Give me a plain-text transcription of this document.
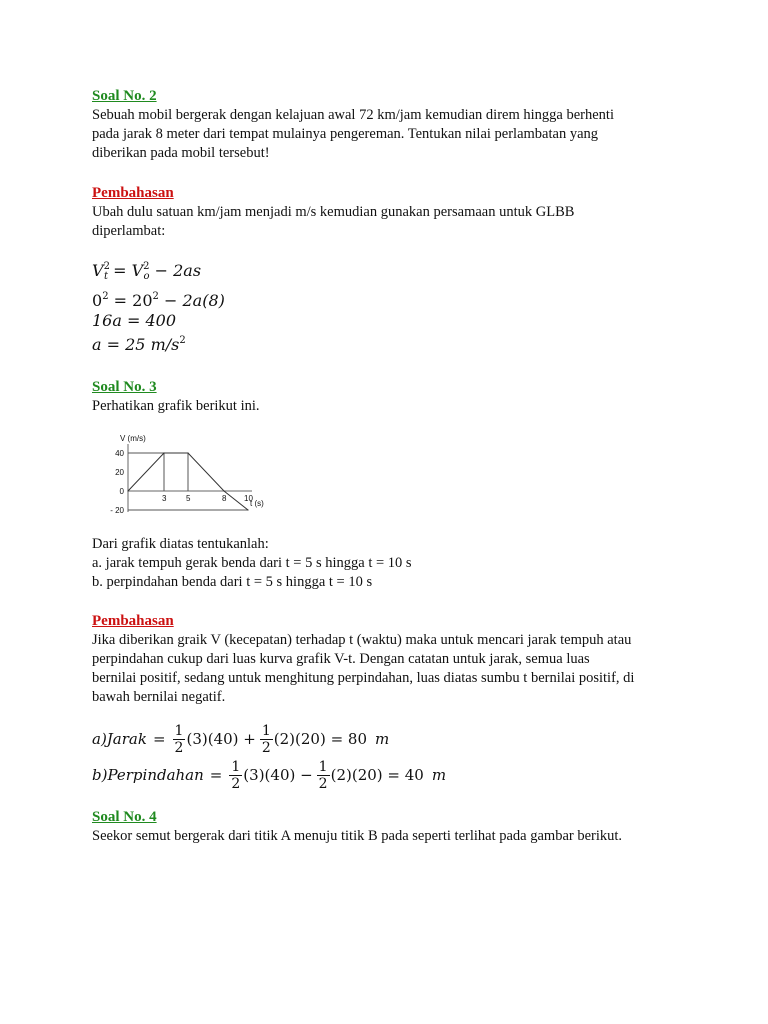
Soal No. 2
Sebuah mobil bergerak dengan kelajuan awal 72 km/jam kemudian direm hingga berhenti
pada jarak 8 meter dari tempat mulainya pengereman. Tentukan nilai perlambatan yang
diberikan pada mobil tersebut!
Pembahasan
Ubah dulu satuan km/jam menjadi m/s kemudian gunakan persamaan untuk GLBB
diperlambat:
$V^2t = V^2o - 2as$
$0^2 = 20^2 - 2a(8)$
16a = 400
a = 25 $m/s^2$
Soal No. 3
Perhatikan grafik berikut ini.
V (m/s)
t (s)
3 5	8 10
40
20
0
- 20
Dari grafik diatas tentukanlah:
a. jarak tempuh gerak benda dari t = 5 s hingga t = 10 s
b. perpindahan benda dari t = 5 s hingga t = 10 s
Pembahasan
Jika diberikan graik V (kecepatan) terhadap t (waktu) maka untuk mencari jarak tempuh atau
perpindahan cukup dari luas kurva grafik V-t. Dengan catatan untuk jarak, semua luas
bernilai positif, sedang untuk menghitung perpindahan, luas diatas sumbu t bernilai positif, di
bawah bernilai negatif.
a)Jarak = $\frac{1}{2} (3)(40) + \frac{1}{2} (2)(20) = 80$ m
b)Perpindahan = $\frac{1}{2} (3)(40) - \frac{1}{2} (2)(20) = 40$ m
Soal No. 4
Seekor semut bergerak dari titik A menuju titik B pada seperti terlihat pada gambar berikut.
